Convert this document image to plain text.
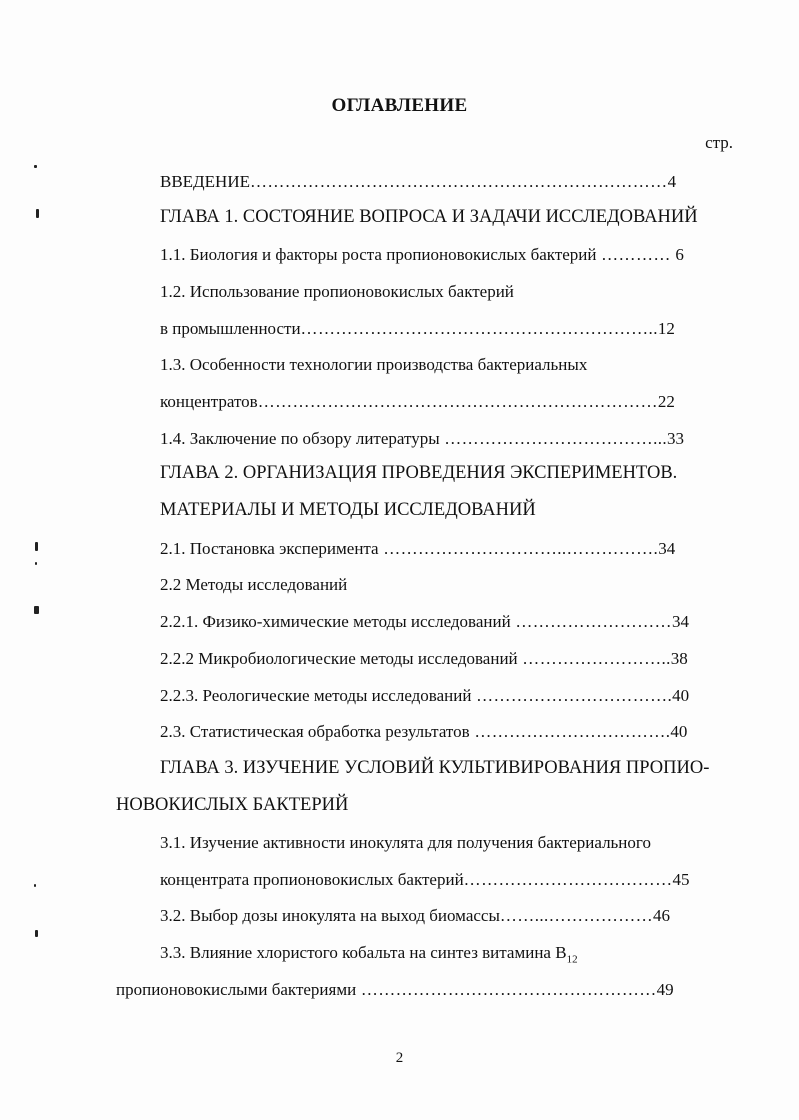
ОГЛАВЛЕНИЕ
стр.
ВВЕДЕНИЕ………………………………………………………………4
ГЛАВА 1. СОСТОЯНИЕ ВОПРОСА И ЗАДАЧИ ИССЛЕДОВАНИЙ
1.1. Биология и факторы роста пропионовокислых бактерий ………… 6
1.2. Использование пропионовокислых бактерий
в промышленности……………………………………………………..12
1.3. Особенности технологии производства бактериальных
концентратов……………………………………………………………22
1.4. Заключение по обзору литературы ………………………………...33
ГЛАВА 2. ОРГАНИЗАЦИЯ ПРОВЕДЕНИЯ ЭКСПЕРИМЕНТОВ.
МАТЕРИАЛЫ И МЕТОДЫ ИССЛЕДОВАНИЙ
2.1. Постановка эксперимента …………………………..…………….34
2.2 Методы исследований
2.2.1. Физико-химические методы исследований ………………………34
2.2.2 Микробиологические методы исследований ……………………..38
2.2.3. Реологические методы исследований …………………………….40
2.3. Статистическая обработка результатов …………………………….40
ГЛАВА 3. ИЗУЧЕНИЕ УСЛОВИЙ КУЛЬТИВИРОВАНИЯ ПРОПИО-
НОВОКИСЛЫХ БАКТЕРИЙ
3.1. Изучение активности инокулята для получения бактериального
концентрата пропионовокислых бактерий………………………………45
3.2. Выбор дозы инокулята на выход биомассы……...………………46
3.3. Влияние хлористого кобальта на синтез витамина $В_{12}$
пропионовокислыми бактериями ……………………………………………49
2
